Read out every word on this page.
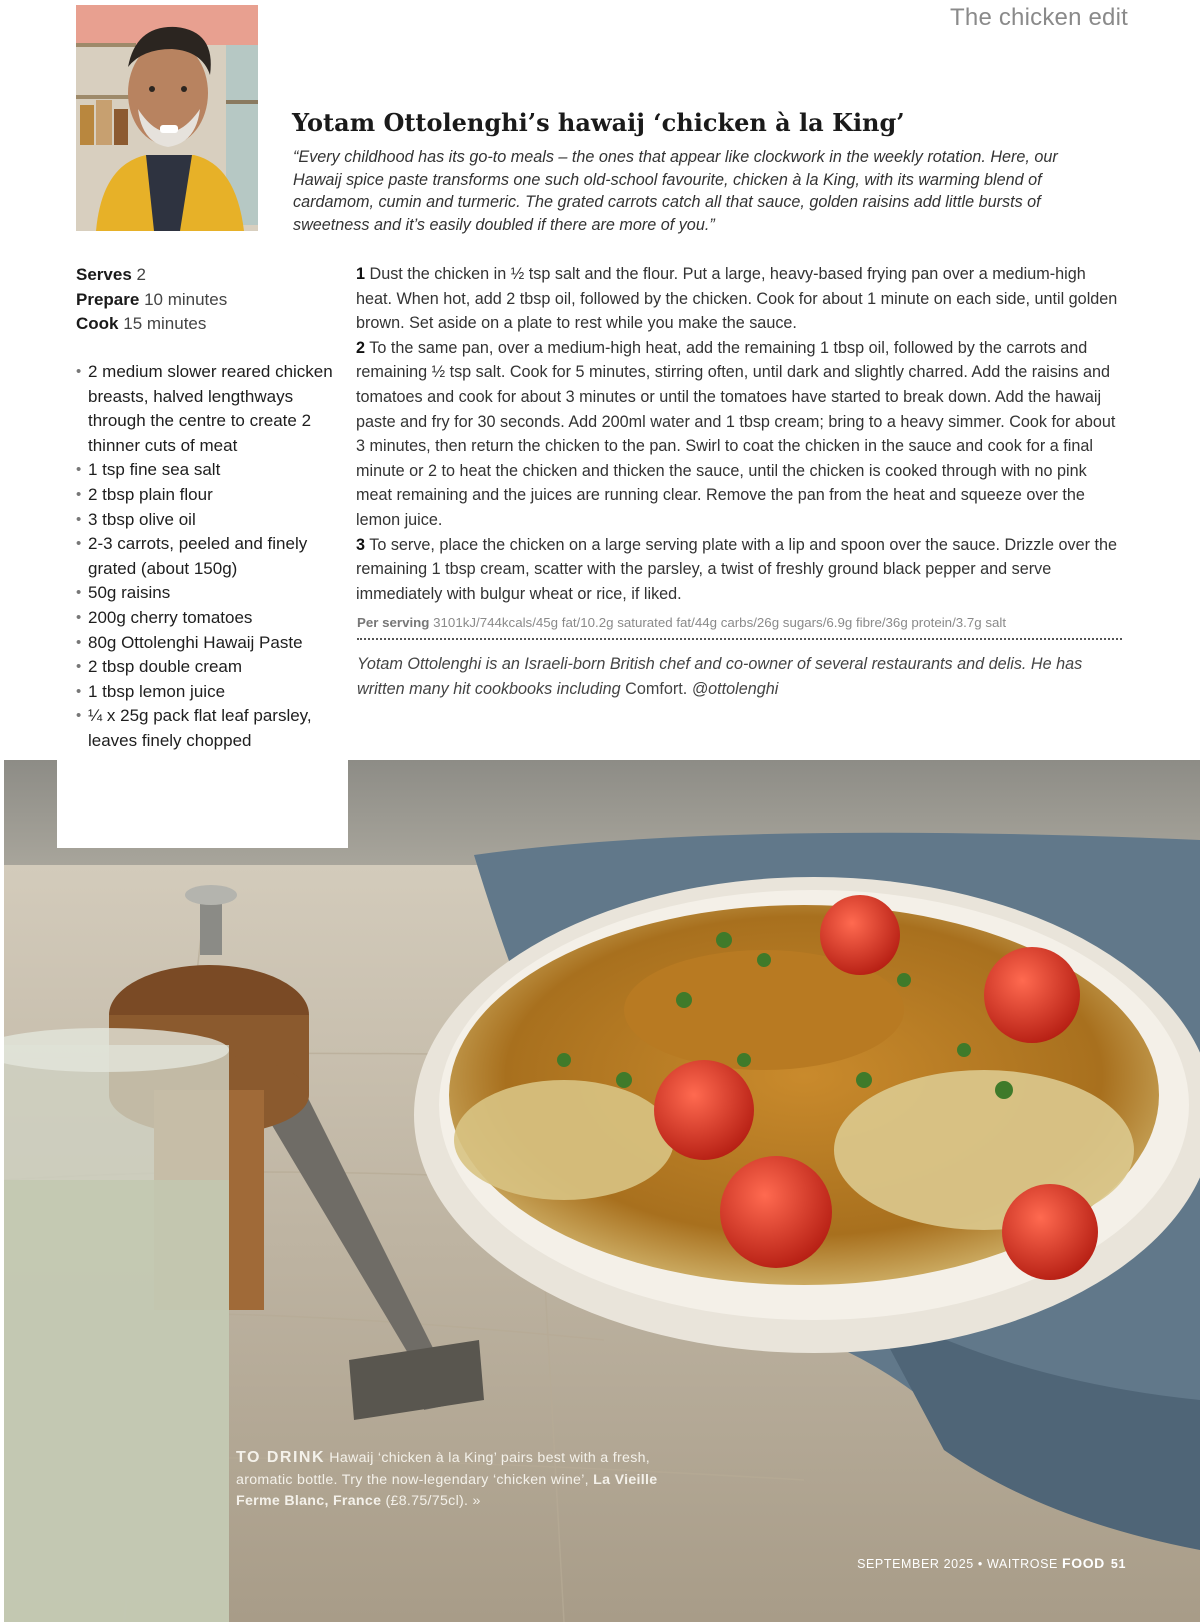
The chicken edit
Yotam Ottolenghi’s hawaij ‘chicken à la King’

“Every childhood has its go-to meals – the ones that appear like clockwork in the weekly rotation. Here, our Hawaij spice paste transforms one such old-school favourite, chicken à la King, with its warming blend of cardamom, cumin and turmeric. The grated carrots catch all that sauce, golden raisins add little bursts of sweetness and it’s easily doubled if there are more of you.”

Serves 2
Prepare 10 minutes
Cook 15 minutes

1 Dust the chicken in ½ tsp salt and the flour. Put a large, heavy-based frying pan over a medium-high heat. When hot, add 2 tbsp oil, followed by the chicken. Cook for about 1 minute on each side, until golden brown. Set aside on a plate to rest while you make the sauce.

2 To the same pan, over a medium-high heat, add the remaining 1 tbsp oil, followed by the carrots and remaining ½ tsp salt. Cook for 5 minutes, stirring often, until dark and slightly charred. Add the raisins and tomatoes and cook for about 3 minutes or until the tomatoes have started to break down. Add the hawaij paste and fry for 30 seconds. Add 200ml water and 1 tbsp cream; bring to a heavy simmer. Cook for about 3 minutes, then return the chicken to the pan. Swirl to coat the chicken in the sauce and cook for a final minute or 2 to heat the chicken and thicken the sauce, until the chicken is cooked through with no pink meat remaining and the juices are running clear. Remove the pan from the heat and squeeze over the lemon juice.

3 To serve, place the chicken on a large serving plate with a lip and spoon over the sauce. Drizzle over the remaining 1 tbsp cream, scatter with the parsley, a twist of freshly ground black pepper and serve immediately with bulgur wheat or rice, if liked.

Per serving 3101kJ/744kcals/45g fat/10.2g saturated fat/44g carbs/26g sugars/6.9g fibre/36g protein/3.7g salt

Yotam Ottolenghi is an Israeli-born British chef and co-owner of several restaurants and delis. He has written many hit cookbooks including Comfort. @ottolenghi

• 2 medium slower reared chicken breasts, halved lengthways through the centre to create 2 thinner cuts of meat
• 1 tsp fine sea salt
• 2 tbsp plain flour
• 3 tbsp olive oil
• 2-3 carrots, peeled and finely grated (about 150g)
• 50g raisins
• 200g cherry tomatoes
• 80g Ottolenghi Hawaij Paste
• 2 tbsp double cream
• 1 tbsp lemon juice
• ¼ x 25g pack flat leaf parsley, leaves finely chopped

TO DRINK Hawaij ‘chicken à la King’ pairs best with a fresh, aromatic bottle. Try the now-legendary ‘chicken wine’, La Vieille Ferme Blanc, France (£8.75/75cl). »

SEPTEMBER 2025 • WAITROSE FOOD 51
